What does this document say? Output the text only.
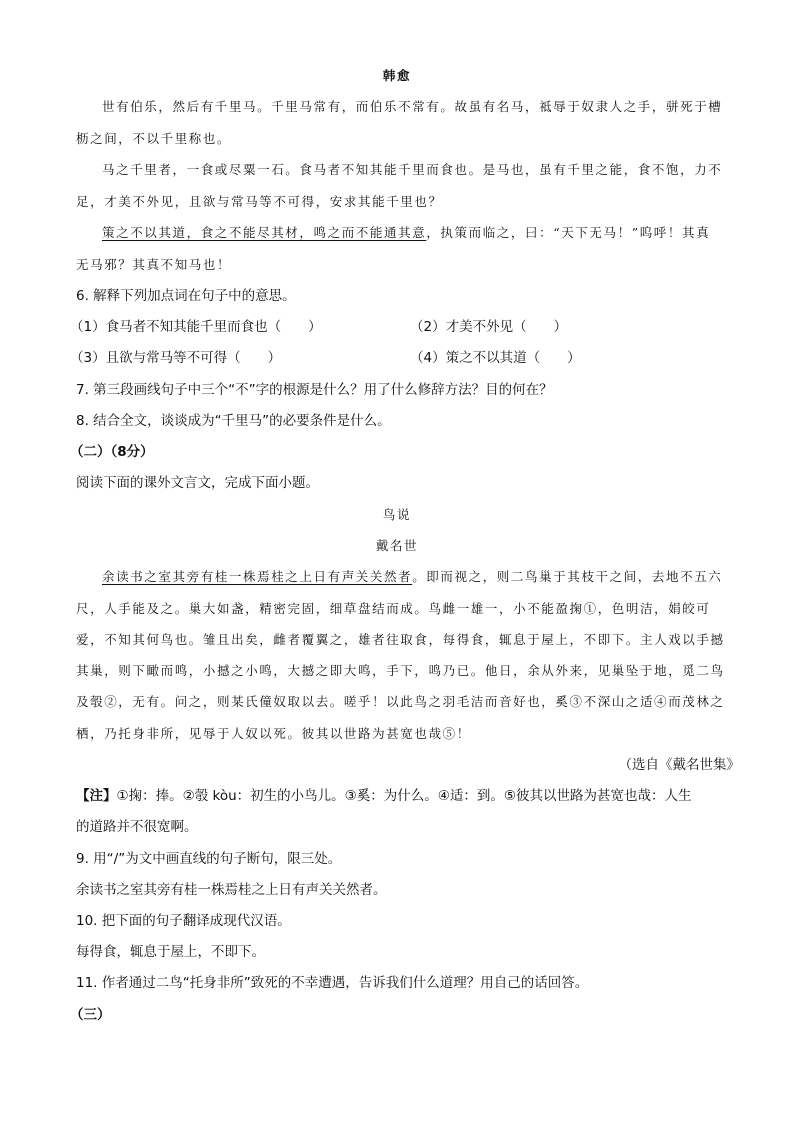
韩愈
世有伯乐，然后有千里马。千里马常有，而伯乐不常有。故虽有名马，祗辱于奴隶人之手，骈死于槽
枥之间，不以千里称也。
马之千里者，一食或尽粟一石。食马者不知其能千里而食也。是马也，虽有千里之能，食不饱，力不
足，才美不外见，且欲与常马等不可得，安求其能千里也？
策之不以其道，食之不能尽其材，鸣之而不能通其意，执策而临之，曰：“天下无马！”呜呼！其真
无马邪？其真不知马也！
6. 解释下列加点词在句子中的意思。
（1）食马者不知其能千里而食也（　　）	（2）才美不外见（　　）
（3）且欲与常马等不可得（　　）	（4）策之不以其道（　　）
7. 第三段画线句子中三个“不”字的根源是什么？用了什么修辞方法？目的何在？
8. 结合全文，谈谈成为“千里马”的必要条件是什么。
（二）（8分）
阅读下面的课外文言文，完成下面小题。
鸟说
戴名世
余读书之室其旁有桂一株焉桂之上日有声关关然者。即而视之，则二鸟巢于其枝干之间，去地不五六
尺，人手能及之。巢大如盏，精密完固，细草盘结而成。鸟雌一雄一，小不能盈掬①，色明洁，娟皎可
爱，不知其何鸟也。雏且出矣，雌者覆翼之，雄者往取食，每得食，辄息于屋上，不即下。主人戏以手撼
其巢，则下瞰而鸣，小撼之小鸣，大撼之即大鸣，手下，鸣乃已。他日，余从外来，见巢坠于地，觅二鸟
及彀②，无有。问之，则某氏僮奴取以去。嗟乎！以此鸟之羽毛洁而音好也，奚③不深山之适④而茂林之
栖，乃托身非所，见辱于人奴以死。彼其以世路为甚宽也哉⑤！
（选自《戴名世集》
【注】①掬：捧。②彀 kòu：初生的小鸟儿。③奚：为什么。④适：到。⑤彼其以世路为甚宽也哉：人生
的道路并不很宽啊。
9. 用“/”为文中画直线的句子断句，限三处。
余读书之室其旁有桂一株焉桂之上日有声关关然者。
10. 把下面的句子翻译成现代汉语。
每得食，辄息于屋上，不即下。
11. 作者通过二鸟“托身非所”致死的不幸遭遇，告诉我们什么道理？用自己的话回答。
（三）
